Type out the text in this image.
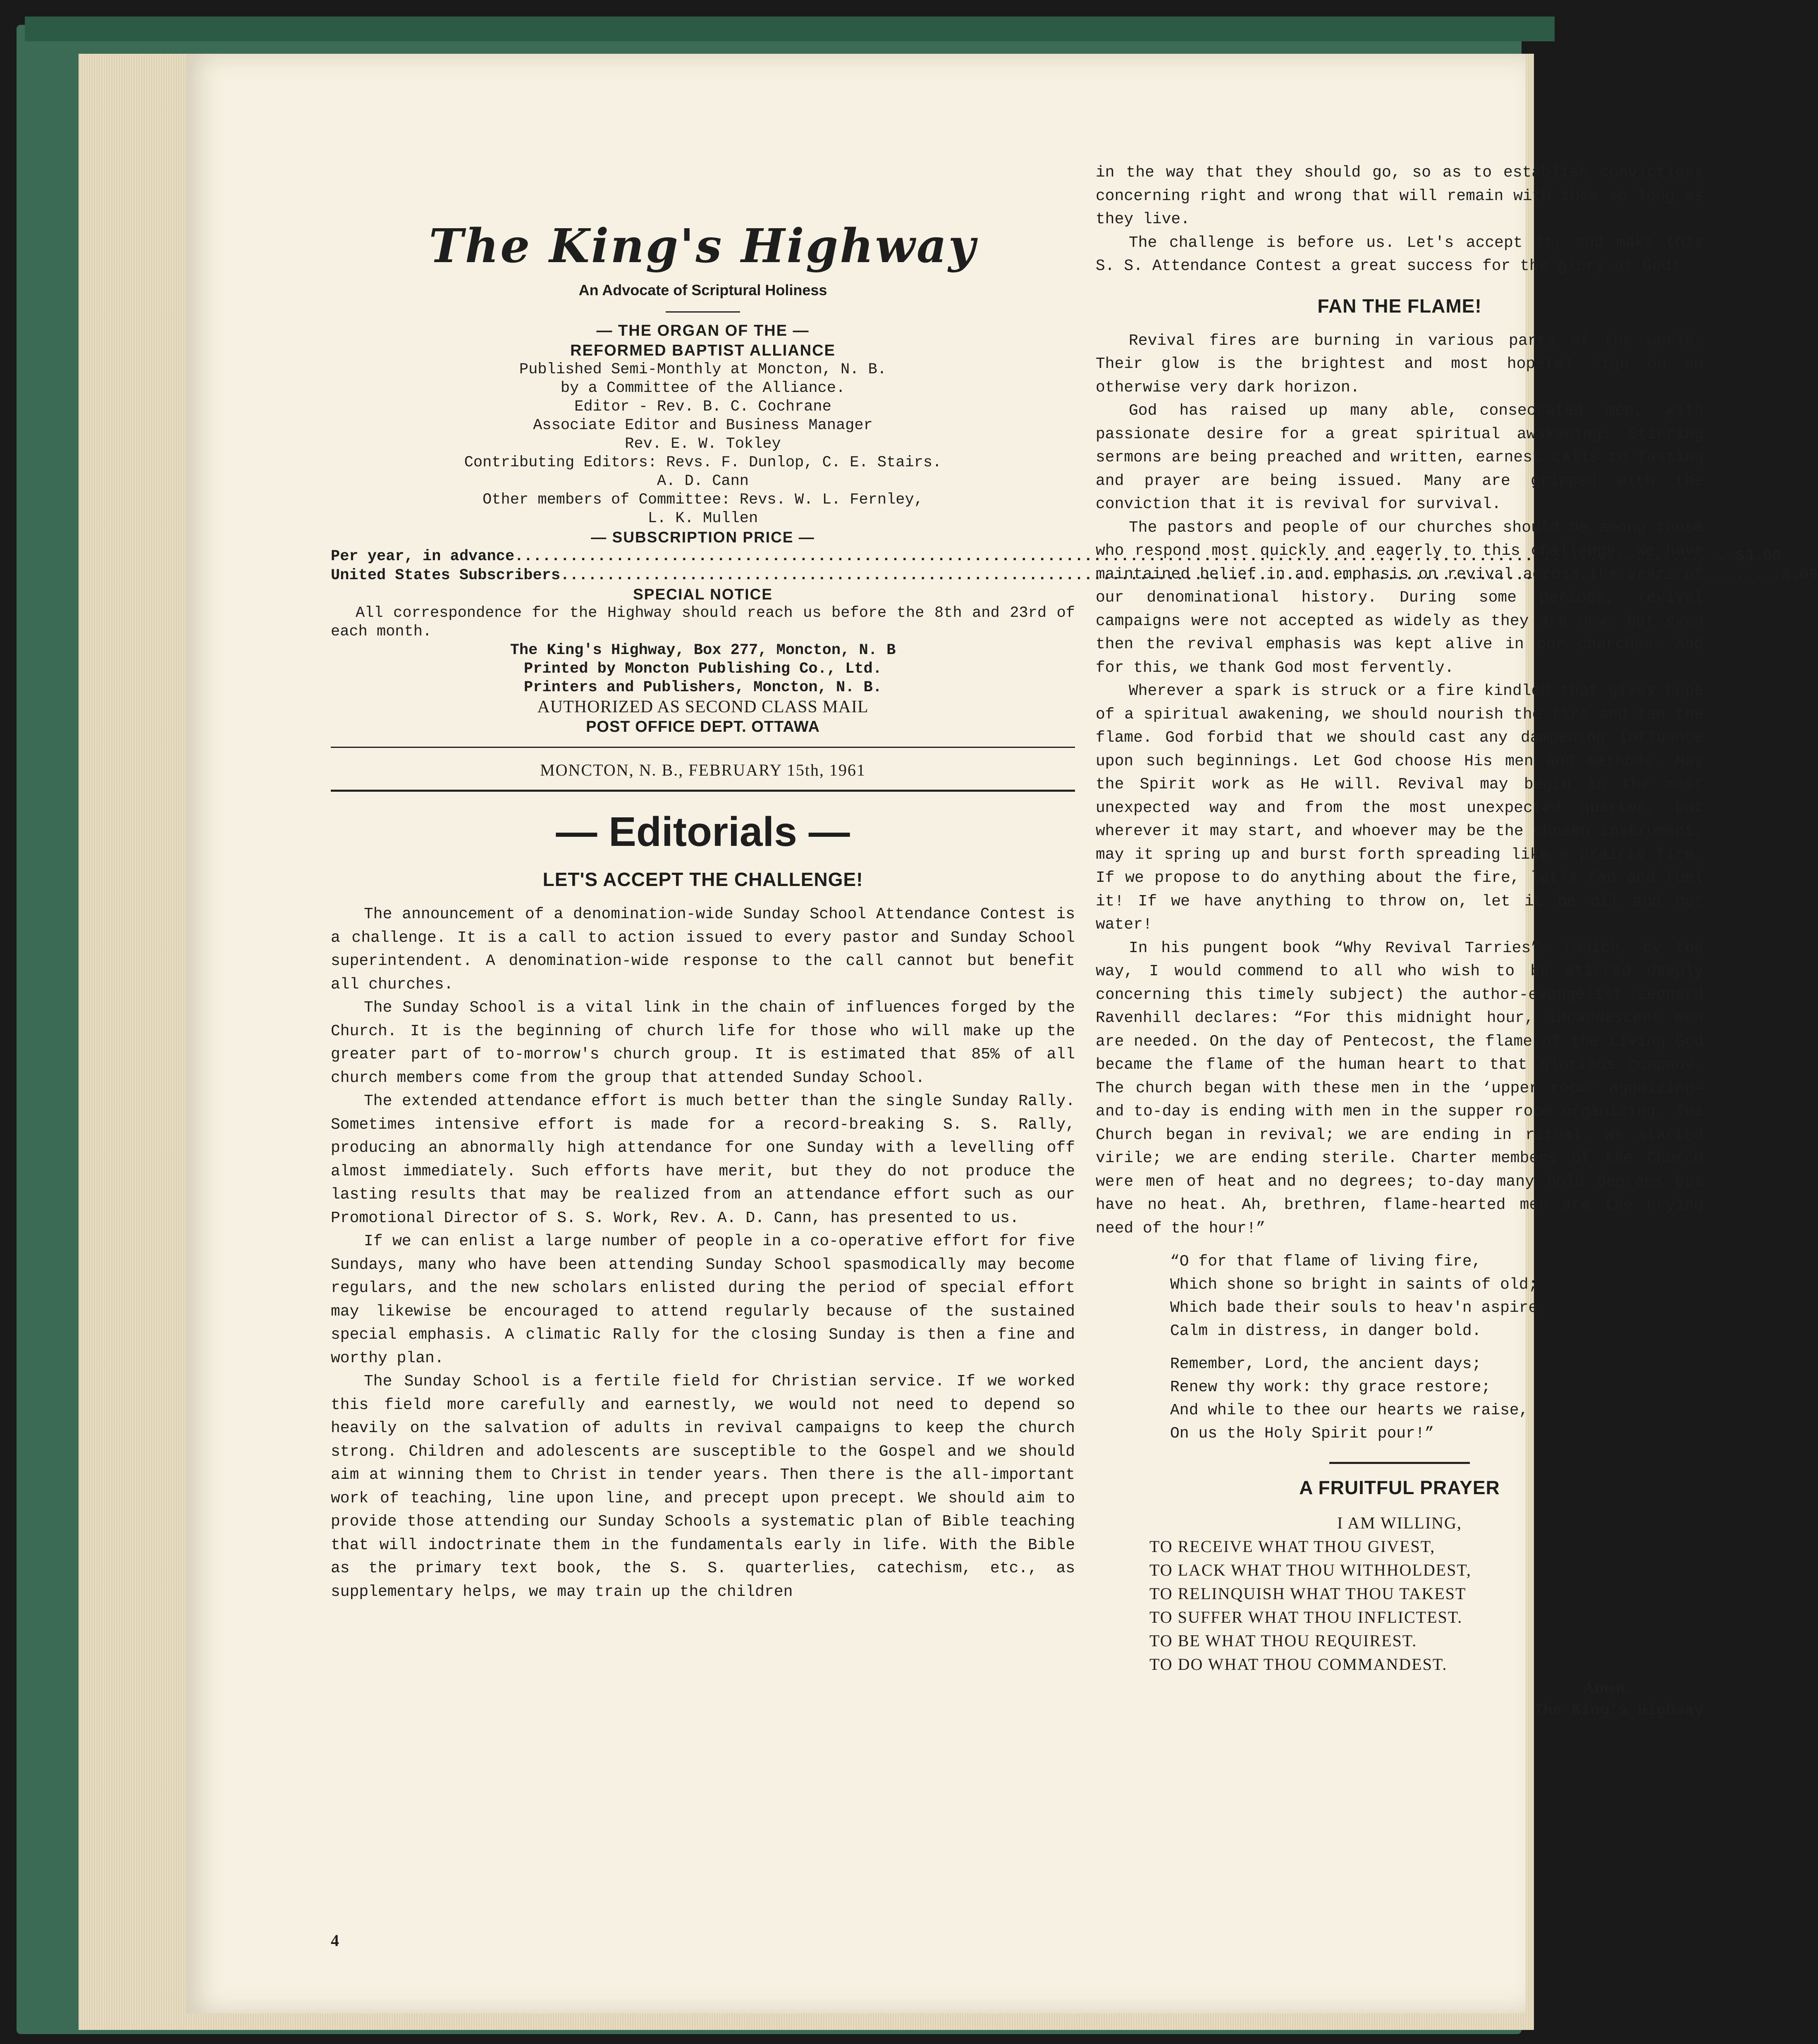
The King's Highway
An Advocate of Scriptural Holiness
— THE ORGAN OF THE —
REFORMED BAPTIST ALLIANCE
Published Semi-Monthly at Moncton, N. B.
by a Committee of the Alliance.
Editor - Rev. B. C. Cochrane
Associate Editor and Business Manager
Rev. E. W. Tokley
Contributing Editors: Revs. F. Dunlop, C. E. Stairs.
A. D. Cann
Other members of Committee: Revs. W. L. Fernley,
L. K. Mullen
— SUBSCRIPTION PRICE —
Per year, in advance .....	$3.00
United States Subscribers .....	3.00
SPECIAL NOTICE
All correspondence for the Highway should reach us before the 8th and 23rd of each month.
The King's Highway, Box 277, Moncton, N. B
Printed by Moncton Publishing Co., Ltd.
Printers and Publishers, Moncton, N. B.
AUTHORIZED AS SECOND CLASS MAIL
POST OFFICE DEPT. OTTAWA
MONCTON, N. B., FEBRUARY 15th, 1961
— Editorials —
LET'S ACCEPT THE CHALLENGE!

The announcement of a denomination-wide Sunday School Attendance Contest is a challenge. It is a call to action issued to every pastor and Sunday School superintendent. A denomination-wide response to the call cannot but benefit all churches.

The Sunday School is a vital link in the chain of influences forged by the Church. It is the beginning of church life for those who will make up the greater part of to-morrow's church group. It is estimated that 85% of all church members come from the group that attended Sunday School.

The extended attendance effort is much better than the single Sunday Rally. Sometimes intensive effort is made for a record-breaking S. S. Rally, producing an abnormally high attendance for one Sunday with a levelling off almost immediately. Such efforts have merit, but they do not produce the lasting results that may be realized from an attendance effort such as our Promotional Director of S. S. Work, Rev. A. D. Cann, has presented to us.

If we can enlist a large number of people in a co-operative effort for five Sundays, many who have been attending Sunday School spasmodically may become regulars, and the new scholars enlisted during the period of special effort may likewise be encouraged to attend regularly because of the sustained special emphasis. A climatic Rally for the closing Sunday is then a fine and worthy plan.

The Sunday School is a fertile field for Christian service. If we worked this field more carefully and earnestly, we would not need to depend so heavily on the salvation of adults in revival campaigns to keep the church strong. Children and adolescents are susceptible to the Gospel and we should aim at winning them to Christ in tender years. Then there is the all-important work of teaching, line upon line, and precept upon precept. We should aim to provide those attending our Sunday Schools a systematic plan of Bible teaching that will indoctrinate them in the fundamentals early in life. With the Bible as the primary text book, the S. S. quarterlies, catechism, etc., as supplementary helps, we may train up the children

in the way that they should go, so as to establish convictions concerning right and wrong that will remain with them so long as they live.

The challenge is before us. Let's accept it, and make this S. S. Attendance Contest a great success for the glory of God!

FAN THE FLAME!

Revival fires are burning in various parts of the world. Their glow is the brightest and most hopeful sign on an otherwise very dark horizon.

God has raised up many able, consecrated men, with passionate desire for a great spiritual awakening. Stirring sermons are being preached and written, earnest calls to fasting and prayer are being issued. Many are gripped with the conviction that it is revival for survival.

The pastors and people of our churches should be among those who respond most quickly and eagerly to this challenge. We have maintained belief in and emphasis on revival across the years of our denominational history. During some periods, revival campaigns were not accepted as widely as they are now, but even then the revival emphasis was kept alive in our churches. And for this, we thank God most fervently.

Wherever a spark is struck or a fire kindled that gives hope of a spiritual awakening, we should nourish the fire and fan the flame. God forbid that we should cast any dampening influence upon such beginnings. Let God choose His men and methods. May the Spirit work as He will. Revival may begin in the most unexpected way and from the most unexpected quarter, but wherever it may start, and whoever may be the chosen instrument, may it spring up and burst forth spreading like a prairie fire. If we propose to do anything about the fire, let's fan and fuel it! If we have anything to throw on, let it be oil and not water!

In his pungent book “Why Revival Tarries”, (which, by the way, I would commend to all who wish to be stirred deeply concerning this timely subject) the author-evangelist Leonard Ravenhill declares: “For this midnight hour, incandescent men are needed. On the day of Pentecost, the flame of the Living God became the flame of the human heart to that glorious company. The church began with these men in the ‘upper room’ agonizing—and to-day is ending with men in the supper room organizing. The Church began in revival; we are ending in ritual. We started virile; we are ending sterile. Charter members of the Church were men of heat and no degrees; to-day many hold degrees but have no heat. Ah, brethren, flame-hearted men are the crying need of the hour!”

“O for that flame of living fire,
Which shone so bright in saints of old;
Which bade their souls to heav'n aspire,
Calm in distress, in danger bold.
Remember, Lord, the ancient days;
Renew thy work: thy grace restore;
And while to thee our hearts we raise,
On us the Holy Spirit pour!”
A FRUITFUL PRAYER
I AM WILLING,
TO RECEIVE WHAT THOU GIVEST,
TO LACK WHAT THOU WITHHOLDEST,
TO RELINQUISH WHAT THOU TAKEST
TO SUFFER WHAT THOU INFLICTEST.
TO BE WHAT THOU REQUIREST.
TO DO WHAT THOU COMMANDEST.
Amen.
The King's Highway
4
